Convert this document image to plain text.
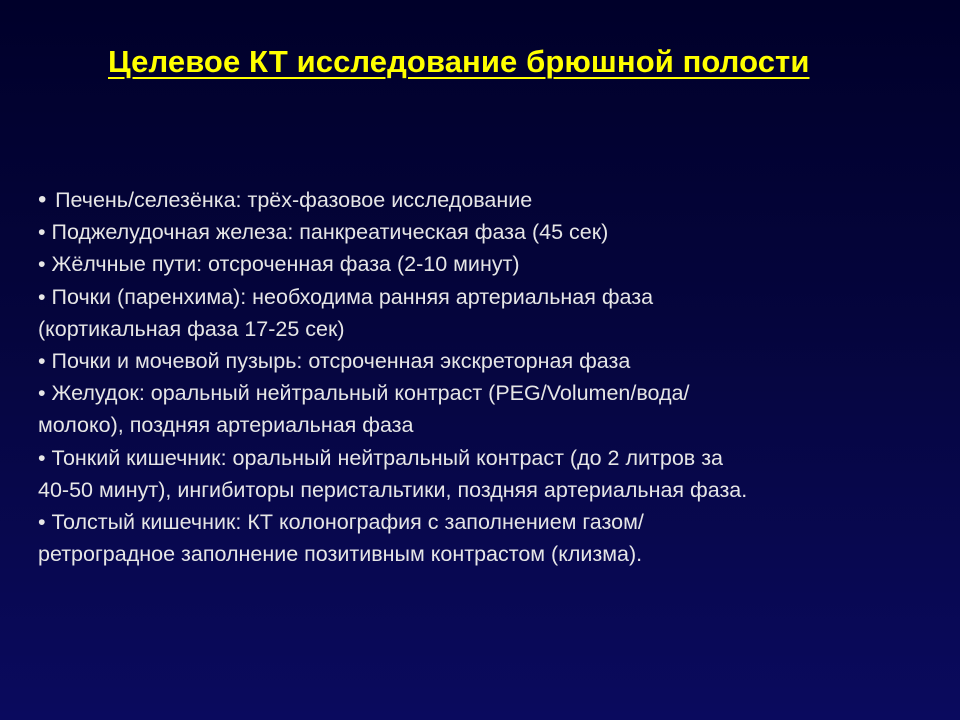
Целевое КТ исследование брюшной полости
• Печень/селезёнка: трёх-фазовое исследование
• Поджелудочная железа: панкреатическая фаза (45 сек)
• Жёлчные пути: отсроченная фаза (2-10 минут)
• Почки (паренхима): необходима ранняя артериальная фаза
(кортикальная фаза 17-25 сек)
• Почки и мочевой пузырь: отсроченная экскреторная фаза
• Желудок: оральный нейтральный контраст (PEG/Volumen/вода/
молоко), поздняя артериальная фаза
• Тонкий кишечник: оральный нейтральный контраст (до 2 литров за
40-50 минут), ингибиторы перистальтики, поздняя артериальная фаза.
• Толстый кишечник: КТ колонография с заполнением газом/
ретроградное заполнение позитивным контрастом (клизма).
